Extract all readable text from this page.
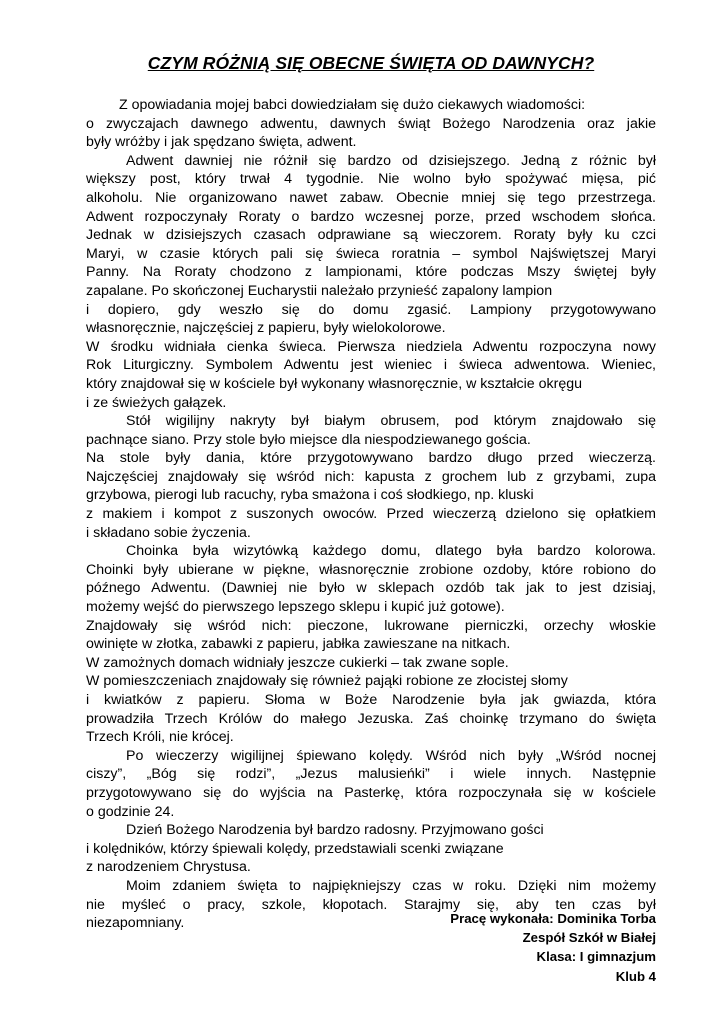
CZYM RÓŻNIĄ SIĘ OBECNE ŚWIĘTA OD DAWNYCH?
Z opowiadania mojej babci dowiedziałam się dużo ciekawych wiadomości:
o zwyczajach dawnego adwentu, dawnych świąt Bożego Narodzenia oraz jakie
były wróżby i jak spędzano święta, adwent.
Adwent dawniej nie różnił się bardzo od dzisiejszego. Jedną z różnic był
większy post, który trwał 4 tygodnie. Nie wolno było spożywać mięsa, pić
alkoholu. Nie organizowano nawet zabaw. Obecnie mniej się tego przestrzega.
Adwent rozpoczynały Roraty o bardzo wczesnej porze, przed wschodem słońca.
Jednak w dzisiejszych czasach odprawiane są wieczorem. Roraty były ku czci
Maryi, w czasie których pali się świeca roratnia – symbol Najświętszej Maryi
Panny. Na Roraty chodzono z lampionami, które podczas Mszy świętej były
zapalane. Po skończonej Eucharystii należało przynieść zapalony lampion
i dopiero, gdy weszło się do domu zgasić. Lampiony przygotowywano
własnoręcznie, najczęściej z papieru, były wielokolorowe.
W środku widniała cienka świeca. Pierwsza niedziela Adwentu rozpoczyna nowy
Rok Liturgiczny. Symbolem Adwentu jest wieniec i świeca adwentowa. Wieniec,
który znajdował się w kościele był wykonany własnoręcznie, w kształcie okręgu
i ze świeżych gałązek.
Stół wigilijny nakryty był białym obrusem, pod którym znajdowało się
pachnące siano. Przy stole było miejsce dla niespodziewanego gościa.
Na stole były dania, które przygotowywano bardzo długo przed wieczerzą.
Najczęściej znajdowały się wśród nich: kapusta z grochem lub z grzybami, zupa
grzybowa, pierogi lub racuchy, ryba smażona i coś słodkiego, np. kluski
z makiem i kompot z suszonych owoców. Przed wieczerzą dzielono się opłatkiem
i składano sobie życzenia.
Choinka była wizytówką każdego domu, dlatego była bardzo kolorowa.
Choinki były ubierane w piękne, własnoręcznie zrobione ozdoby, które robiono do
późnego Adwentu. (Dawniej nie było w sklepach ozdób tak jak to jest dzisiaj,
możemy wejść do pierwszego lepszego sklepu i kupić już gotowe).
Znajdowały się wśród nich: pieczone, lukrowane pierniczki, orzechy włoskie
owinięte w złotka, zabawki z papieru, jabłka zawieszane na nitkach.
W zamożnych domach widniały jeszcze cukierki – tak zwane sople.
W pomieszczeniach znajdowały się również pająki robione ze złocistej słomy
i kwiatków z papieru. Słoma w Boże Narodzenie była jak gwiazda, która
prowadziła Trzech Królów do małego Jezuska. Zaś choinkę trzymano do święta
Trzech Króli, nie krócej.
Po wieczerzy wigilijnej śpiewano kolędy. Wśród nich były „Wśród nocnej
ciszy”, „Bóg się rodzi”, „Jezus malusieńki” i wiele innych. Następnie
przygotowywano się do wyjścia na Pasterkę, która rozpoczynała się w kościele
o godzinie 24.
Dzień Bożego Narodzenia był bardzo radosny. Przyjmowano gości
i kolędników, którzy śpiewali kolędy, przedstawiali scenki związane
z narodzeniem Chrystusa.
Moim zdaniem święta to najpiękniejszy czas w roku. Dzięki nim możemy
nie myśleć o pracy, szkole, kłopotach. Starajmy się, aby ten czas był
niezapomniany.	Pracę wykonała: Dominika Torba
Zespół Szkół w Białej
Klasa: I gimnazjum
Klub 4
